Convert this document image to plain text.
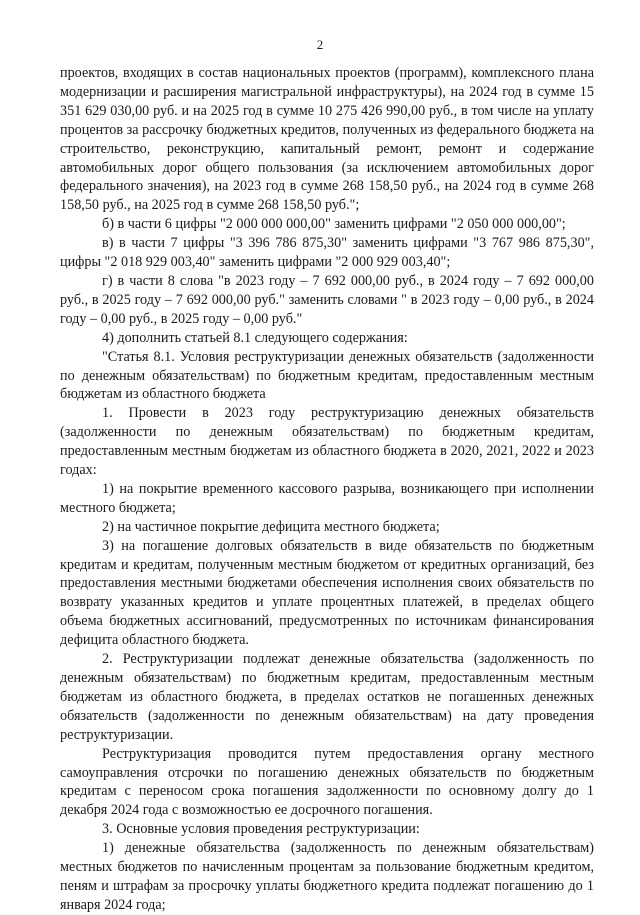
2

проектов, входящих в состав национальных проектов (программ), комплексного плана модернизации и расширения магистральной инфраструктуры), на 2024 год в сумме 15 351 629 030,00 руб. и на 2025 год в сумме 10 275 426 990,00 руб., в том числе на уплату процентов за рассрочку бюджетных кредитов, полученных из федерального бюджета на строительство, реконструкцию, капитальный ремонт, ремонт и содержание автомобильных дорог общего пользования (за исключением автомобильных дорог федерального значения), на 2023 год в сумме 268 158,50 руб., на 2024 год в сумме 268 158,50 руб., на 2025 год в сумме 268 158,50 руб.";

б) в части 6 цифры "2 000 000 000,00" заменить цифрами "2 050 000 000,00";

в) в части 7 цифры "3 396 786 875,30" заменить цифрами "3 767 986 875,30", цифры "2 018 929 003,40" заменить цифрами "2 000 929 003,40";

г) в части 8 слова "в 2023 году – 7 692 000,00 руб., в 2024 году – 7 692 000,00 руб., в 2025 году – 7 692 000,00 руб." заменить словами " в 2023 году – 0,00 руб., в 2024 году – 0,00 руб., в 2025 году – 0,00 руб."

4) дополнить статьей 8.1 следующего содержания:

"Статья 8.1. Условия реструктуризации денежных обязательств (задолженности по денежным обязательствам) по бюджетным кредитам, предоставленным местным бюджетам из областного бюджета

1. Провести в 2023 году реструктуризацию денежных обязательств (задолженности по денежным обязательствам) по бюджетным кредитам, предоставленным местным бюджетам из областного бюджета в 2020, 2021, 2022 и 2023 годах:

1) на покрытие временного кассового разрыва, возникающего при исполнении местного бюджета;

2) на частичное покрытие дефицита местного бюджета;

3) на погашение долговых обязательств в виде обязательств по бюджетным кредитам и кредитам, полученным местным бюджетом от кредитных организаций, без предоставления местными бюджетами обеспечения исполнения своих обязательств по возврату указанных кредитов и уплате процентных платежей, в пределах общего объема бюджетных ассигнований, предусмотренных по источникам финансирования дефицита областного бюджета.

2. Реструктуризации подлежат денежные обязательства (задолженность по денежным обязательствам) по бюджетным кредитам, предоставленным местным бюджетам из областного бюджета, в пределах остатков не погашенных денежных обязательств (задолженности по денежным обязательствам) на дату проведения реструктуризации.

Реструктуризация проводится путем предоставления органу местного самоуправления отсрочки по погашению денежных обязательств по бюджетным кредитам с переносом срока погашения задолженности по основному долгу до 1 декабря 2024 года с возможностью ее досрочного погашения.

3. Основные условия проведения реструктуризации:

1) денежные обязательства (задолженность по денежным обязательствам) местных бюджетов по начисленным процентам за пользование бюджетным кредитом, пеням и штрафам за просрочку уплаты бюджетного кредита подлежат погашению до 1 января 2024 года;
